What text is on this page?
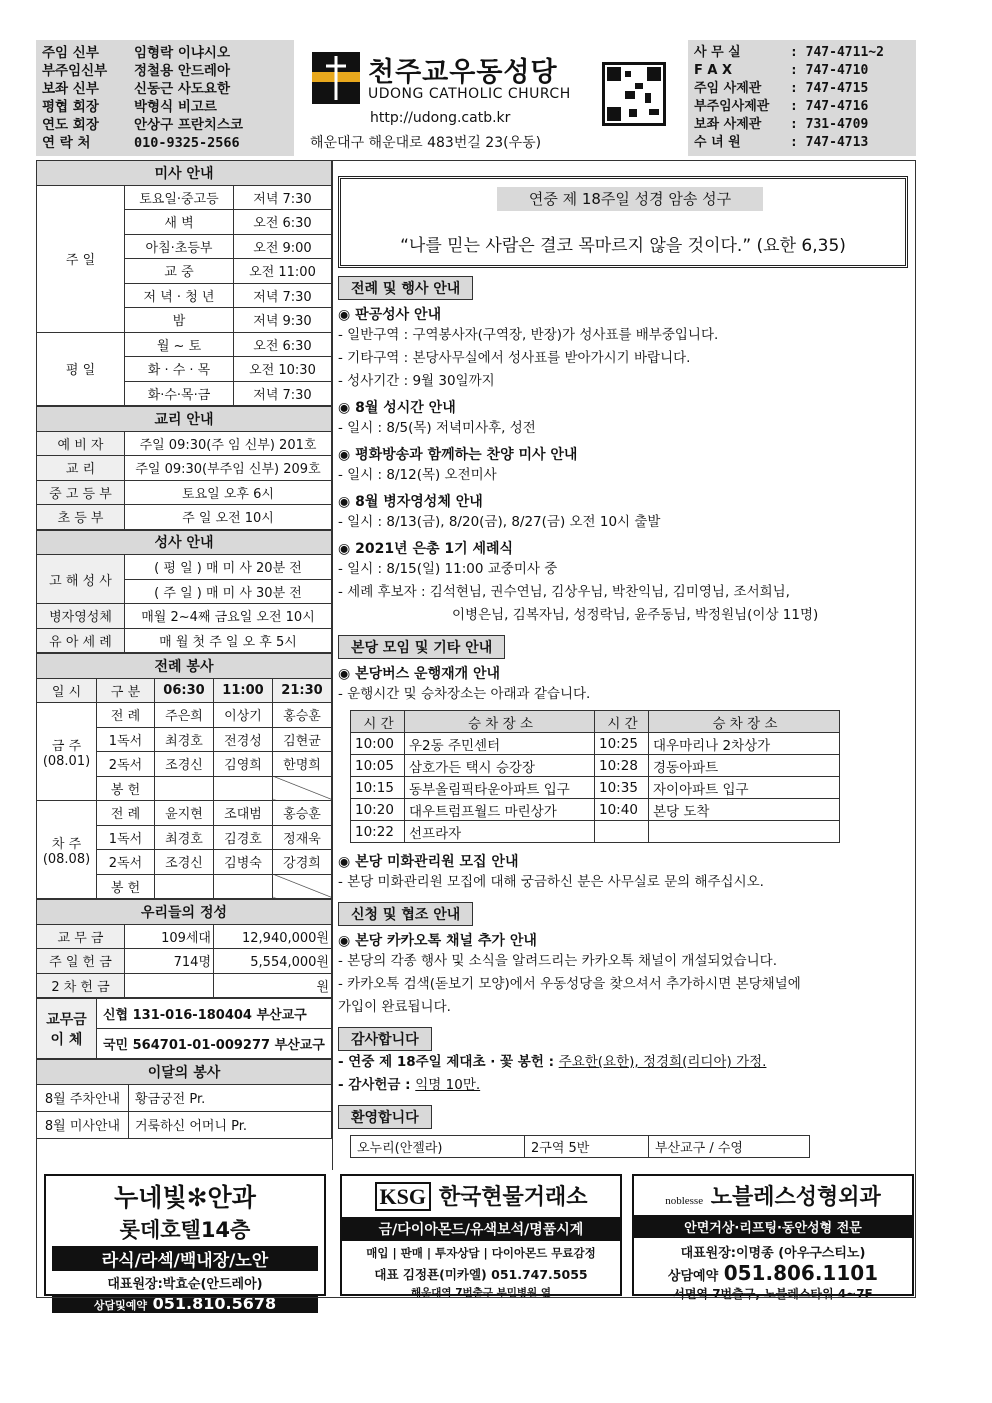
주임 신부	임형락 이냐시오
부주임신부	정철용 안드레아
보좌 신부	신동근 사도요한
평협 회장	박형식 비고르
연도 회장	안상구 프란치스코
연 락 처	010-9325-2566
천주교우동성당
UDONG CATHOLIC CHURCH
http://udong.catb.kr
해운대구 해운대로 483번길 23(우동)
사 무 실	: 747-4711~2
F A X	: 747-4710
주임 사제관	: 747-4715
부주임사제관	: 747-4716
보좌 사제관	: 731-4709
수 녀 원	: 747-4713
미사 안내		
주 일	토요일·중고등	저녁 7:30
	새 벽	오전 6:30
	아침·초등부	오전 9:00
	교 중	오전 11:00
	저 녁 · 청 년	저녁 7:30
	밤	저녁 9:30
평 일	월 ~ 토	오전 6:30
	화 · 수 · 목	오전 10:30
	화·수·목·금	저녁 7:30
교리 안내	
예 비 자	주일 09:30(주 임 신부) 201호
교 리	주일 09:30(부주임 신부) 209호
중 고 등 부	토요일 오후 6시
초 등 부	주 일 오전 10시
성사 안내	
고 해 성 사	( 평 일 ) 매 미 사 20분 전
	( 주 일 ) 매 미 사 30분 전
병자영성체	매월 2~4째 금요일 오전 10시
유 아 세 례	매 월 첫 주 일 오 후 5시
전례 봉사				
일 시	구 분	06:30	11:00	21:30
금 주
(08.01)	전 례	주은희	이상기	홍승훈
	1독서	최경호	전경성	김현균
	2독서	조경신	김영희	한명희
	봉 헌			
차 주
(08.08)	전 례	윤지현	조대범	홍승훈
	1독서	최경호	김경호	정재욱
	2독서	조경신	김병숙	강경희
	봉 헌			
우리들의 정성		
교 무 금	109세대	12,940,000원
주 일 헌 금	714명	5,554,000원
2 차 헌 금		원
교무금 이 체	신협 131-016-180404 부산교구
국민 564701-01-009277 부산교구
이달의 봉사	
8월 주차안내	황금궁전 Pr.
8월 미사안내	거룩하신 어머니 Pr.
연중 제 18주일 성경 암송 성구
“나를 믿는 사람은 결코 목마르지 않을 것이다.” (요한 6,35)
전례 및 행사 안내
◉ 판공성사 안내
- 일반구역 : 구역봉사자(구역장, 반장)가 성사표를 배부중입니다.
- 기타구역 : 본당사무실에서 성사표를 받아가시기 바랍니다.
- 성사기간 : 9월 30일까지
◉ 8월 성시간 안내
- 일시 : 8/5(목) 저녁미사후, 성전
◉ 평화방송과 함께하는 찬양 미사 안내
- 일시 : 8/12(목) 오전미사
◉ 8월 병자영성체 안내
- 일시 : 8/13(금), 8/20(금), 8/27(금) 오전 10시 출발
◉ 2021년 은총 1기 세례식
- 일시 : 8/15(일) 11:00 교중미사 중
- 세례 후보자 : 김석현님, 권수연님, 김상우님, 박찬익님, 김미영님, 조서희님,
이병은님, 김복자님, 성정락님, 윤주동님, 박정원님(이상 11명)
본당 모임 및 기타 안내
◉ 본당버스 운행재개 안내
- 운행시간 및 승차장소는 아래과 같습니다.
시 간	승 차 장 소	시 간	승 차 장 소
10:00	우2동 주민센터	10:25	대우마리나 2차상가
10:05	삼호가든 택시 승강장	10:28	경동아파트
10:15	동부올림픽타운아파트 입구	10:35	자이아파트 입구
10:20	대우트럼프월드 마린상가	10:40	본당 도착
10:22	선프라자		
◉ 본당 미화관리원 모집 안내
- 본당 미화관리원 모집에 대해 궁금하신 분은 사무실로 문의 해주십시오.
신청 및 협조 안내
◉ 본당 카카오톡 채널 추가 안내
- 본당의 각종 행사 및 소식을 알려드리는 카카오톡 채널이 개설되었습니다.
- 카카오톡 검색(돋보기 모양)에서 우동성당을 찾으셔서 추가하시면 본당채널에
가입이 완료됩니다.
감사합니다
- 연중 제 18주일 제대초 · 꽃 봉헌 : 주요한(요한), 정경희(리디아) 가정.
- 감사헌금 : 익명 10만.
환영합니다
오누리(안젤라)	2구역 5반	부산교구 / 수영
누네빛✻안과
롯데호텔14층
라식/라섹/백내장/노안
대표원장:박효순(안드레아)
상담및예약 051.810.5678
KSG 한국현물거래소
금/다이아몬드/유색보석/명품시계
매입 | 판매 | 투자상담 | 다이아몬드 무료감정
대표 김정푠(미카엘) 051.747.5055
해운대역 7번출구 부민병원 옆
noblesse 노블레스성형외과
안면거상·리프팅·동안성형 전문
대표원장:이명종 (아우구스티노)
상담예약 051.806.1101
서면역 7번출구, 노블레스타워 4~7F
